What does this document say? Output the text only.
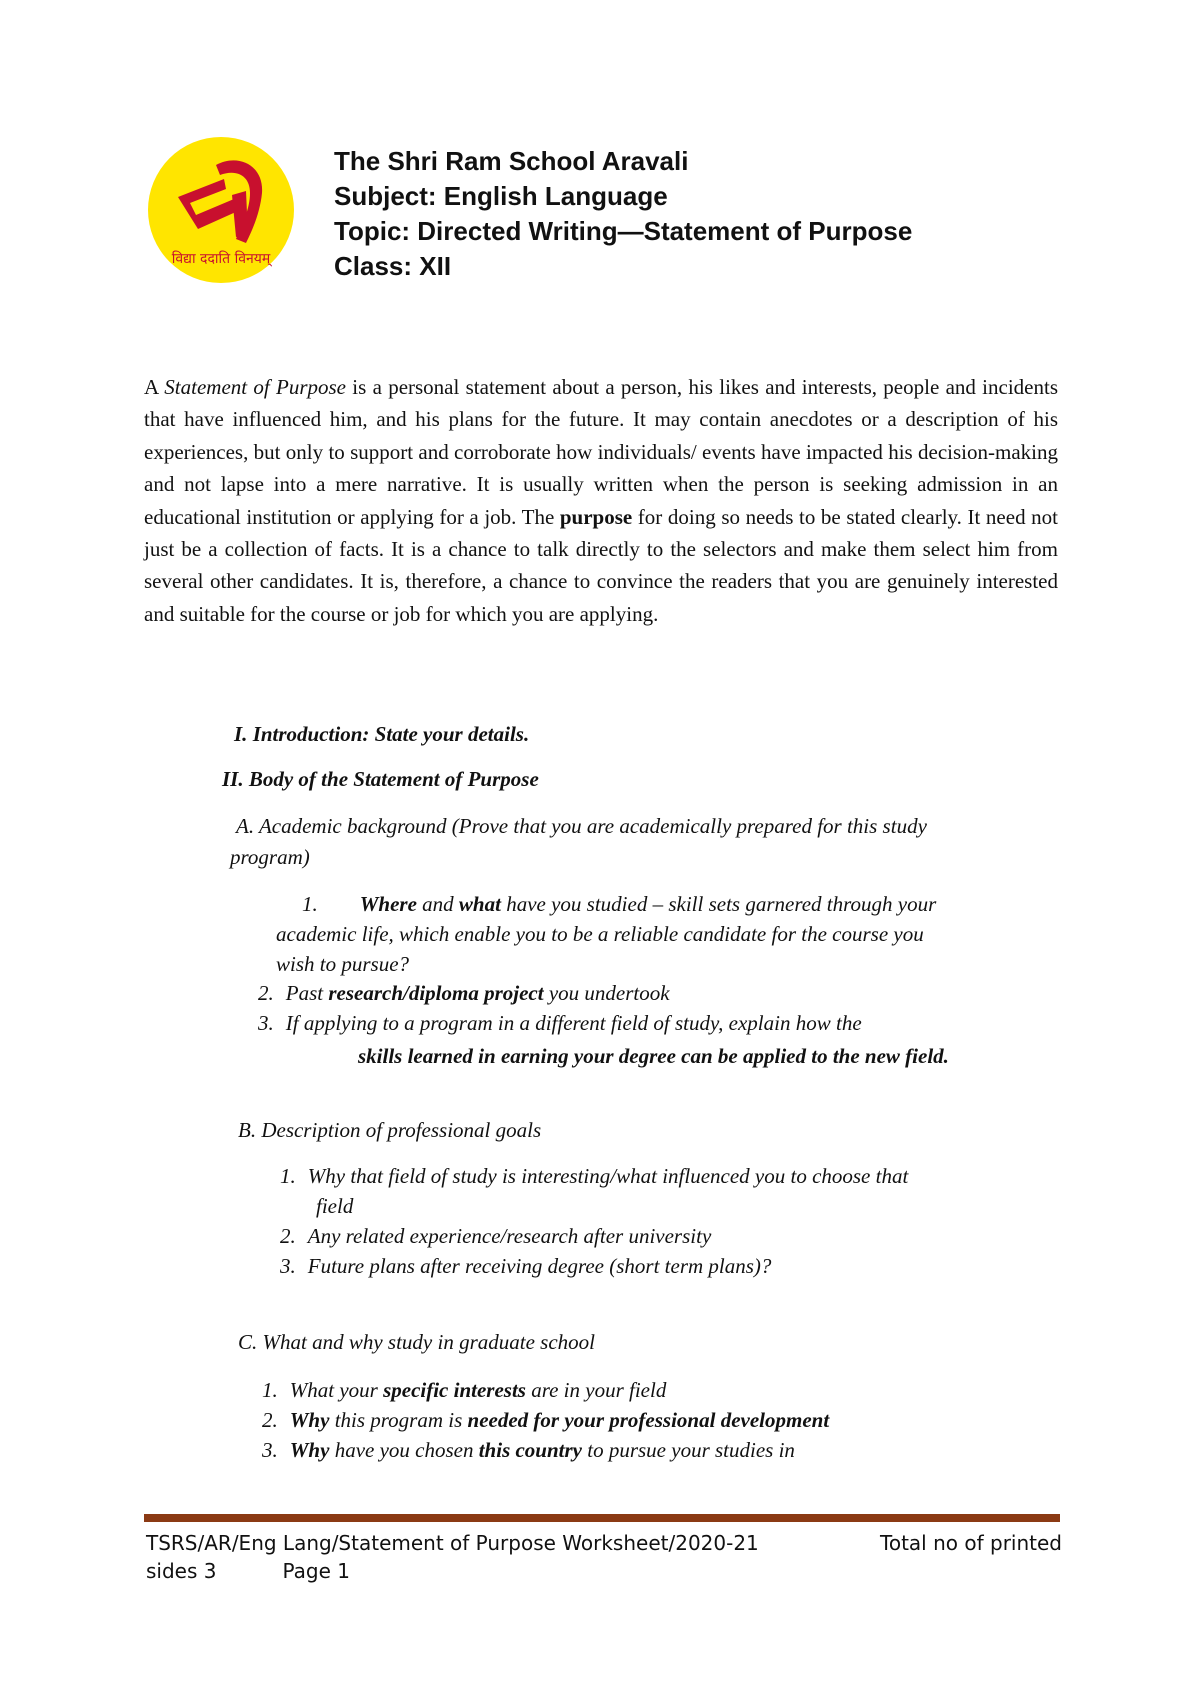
विद्या ददाति विनयम्
The Shri Ram School Aravali
Subject: English Language
Topic: Directed Writing—Statement of Purpose
Class: XII
A Statement of Purpose is a personal statement about a person, his likes and interests, people and incidents that have influenced him, and his plans for the future. It may contain anecdotes or a description of his experiences, but only to support and corroborate how individuals/ events have impacted his decision-making and not lapse into a mere narrative. It is usually written when the person is seeking admission in an educational institution or applying for a job. The purpose for doing so needs to be stated clearly. It need not just be a collection of facts. It is a chance to talk directly to the selectors and make them select him from several other candidates. It is, therefore, a chance to convince the readers that you are genuinely interested and suitable for the course or job for which you are applying.
I. Introduction: State your details.
II. Body of the Statement of Purpose
A. Academic background (Prove that you are academically prepared for this study
program)
1. Where and what have you studied – skill sets garnered through your
academic life, which enable you to be a reliable candidate for the course you
wish to pursue?
2. Past research/diploma project you undertook
3. If applying to a program in a different field of study, explain how the
skills learned in earning your degree can be applied to the new field.
B. Description of professional goals
1. Why that field of study is interesting/what influenced you to choose that
field
2. Any related experience/research after university
3. Future plans after receiving degree (short term plans)?
C. What and why study in graduate school
1. What your specific interests are in your field
2. Why this program is needed for your professional development
3. Why have you chosen this country to pursue your studies in
TSRS/AR/Eng Lang/Statement of Purpose Worksheet/2020-21	Total no of printed
sides 3	Page 1
